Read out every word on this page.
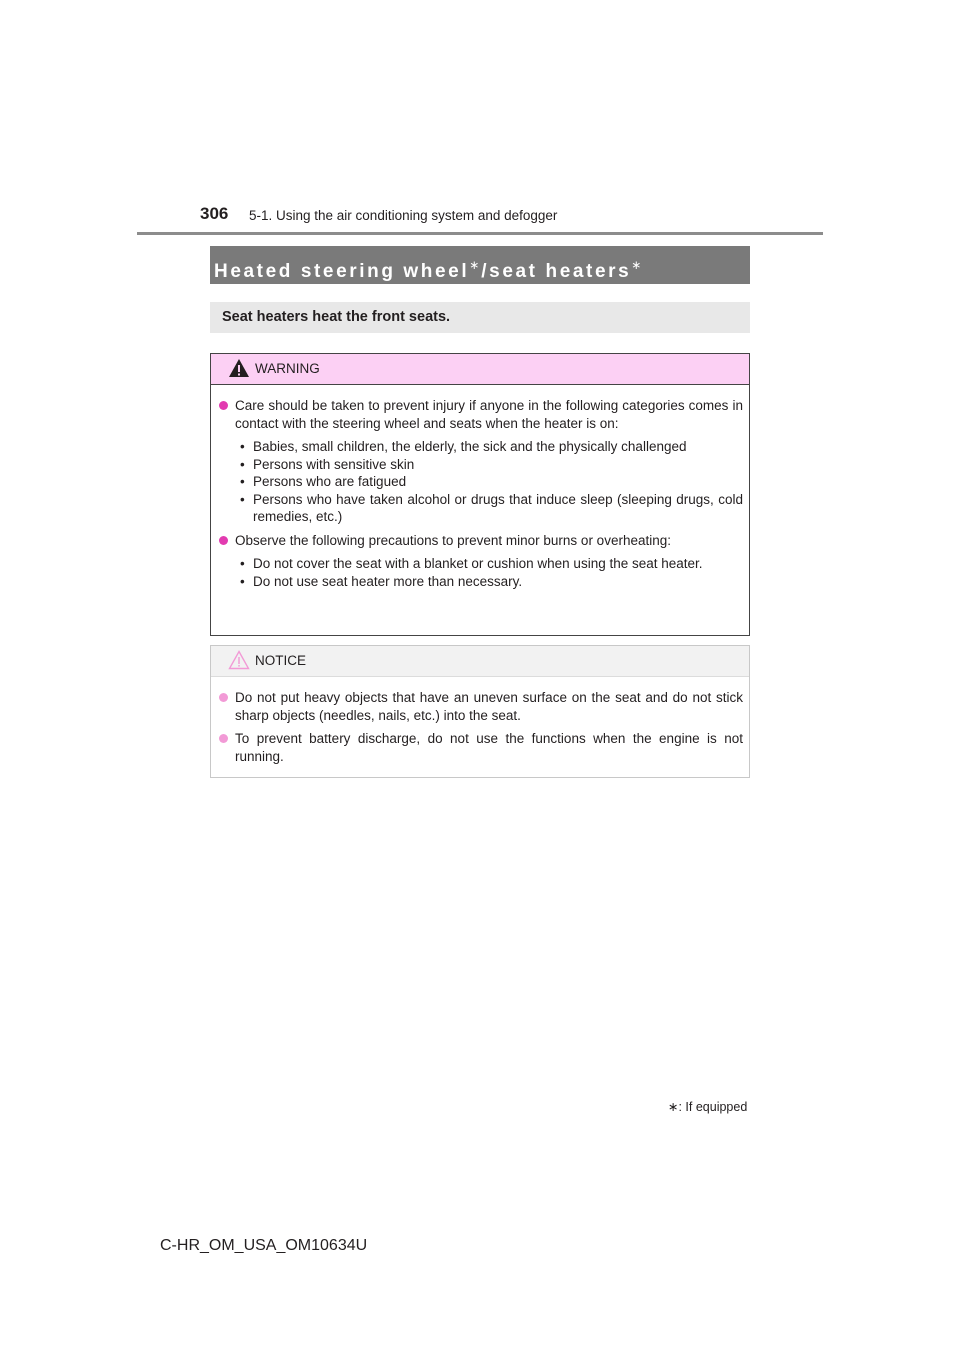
306 5-1. Using the air conditioning system and defogger
Heated steering wheel∗ /seat heaters∗
Seat heaters heat the front seats.
WARNING
Care should be taken to prevent injury if anyone in the following categories comes in contact with the steering wheel and seats when the heater is on:
• Babies, small children, the elderly, the sick and the physically challenged
• Persons with sensitive skin
• Persons who are fatigued
• Persons who have taken alcohol or drugs that induce sleep (sleeping drugs, cold remedies, etc.)
Observe the following precautions to prevent minor burns or overheating:
• Do not cover the seat with a blanket or cushion when using the seat heater.
• Do not use seat heater more than necessary.
NOTICE
Do not put heavy objects that have an uneven surface on the seat and do not stick sharp objects (needles, nails, etc.) into the seat.
To prevent battery discharge, do not use the functions when the engine is not running.
∗: If equipped
C-HR_OM_USA_OM10634U
